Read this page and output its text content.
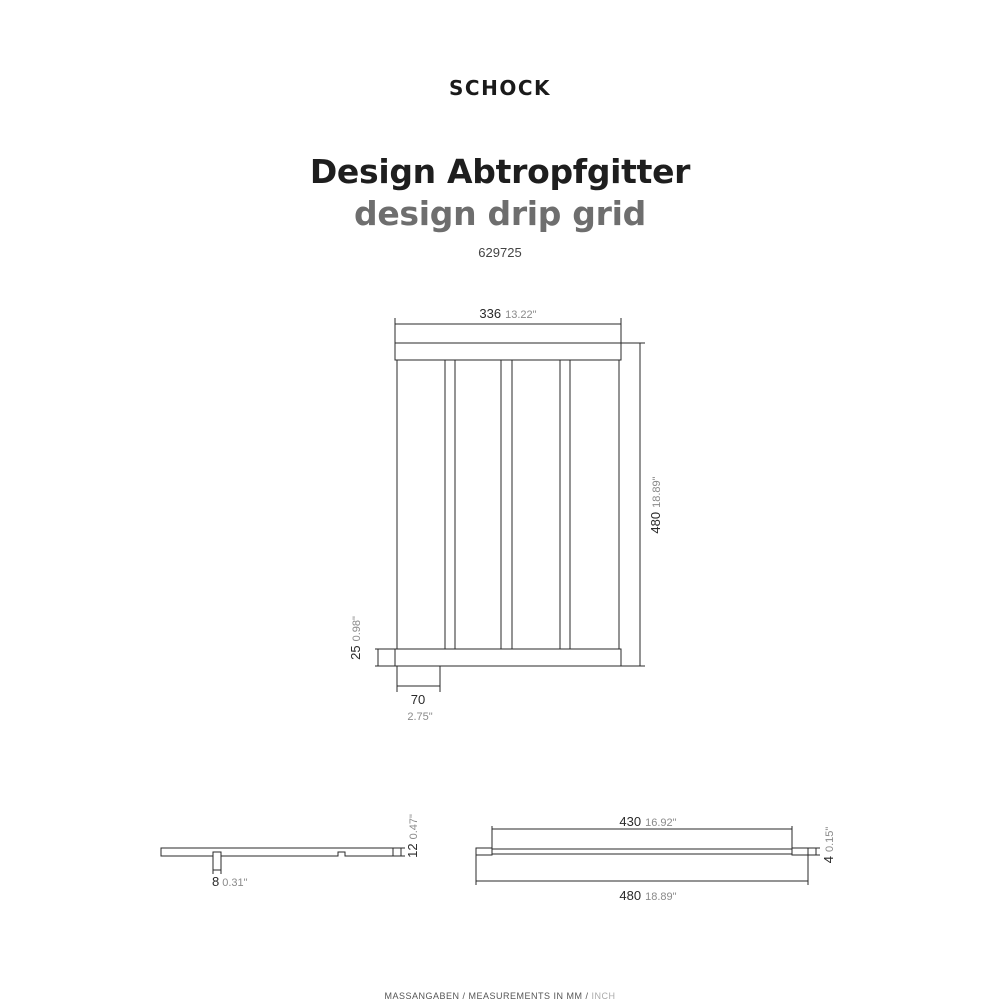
SCHOCK
Design Abtropfgitter
design drip grid
629725
336 13.22"
48018.89"
250.98"
70
2.75"
8 0.31"
120.47"	430 16.92"
40.15"
480 18.89"
MASSANGABEN / MEASUREMENTS IN MM / INCH
